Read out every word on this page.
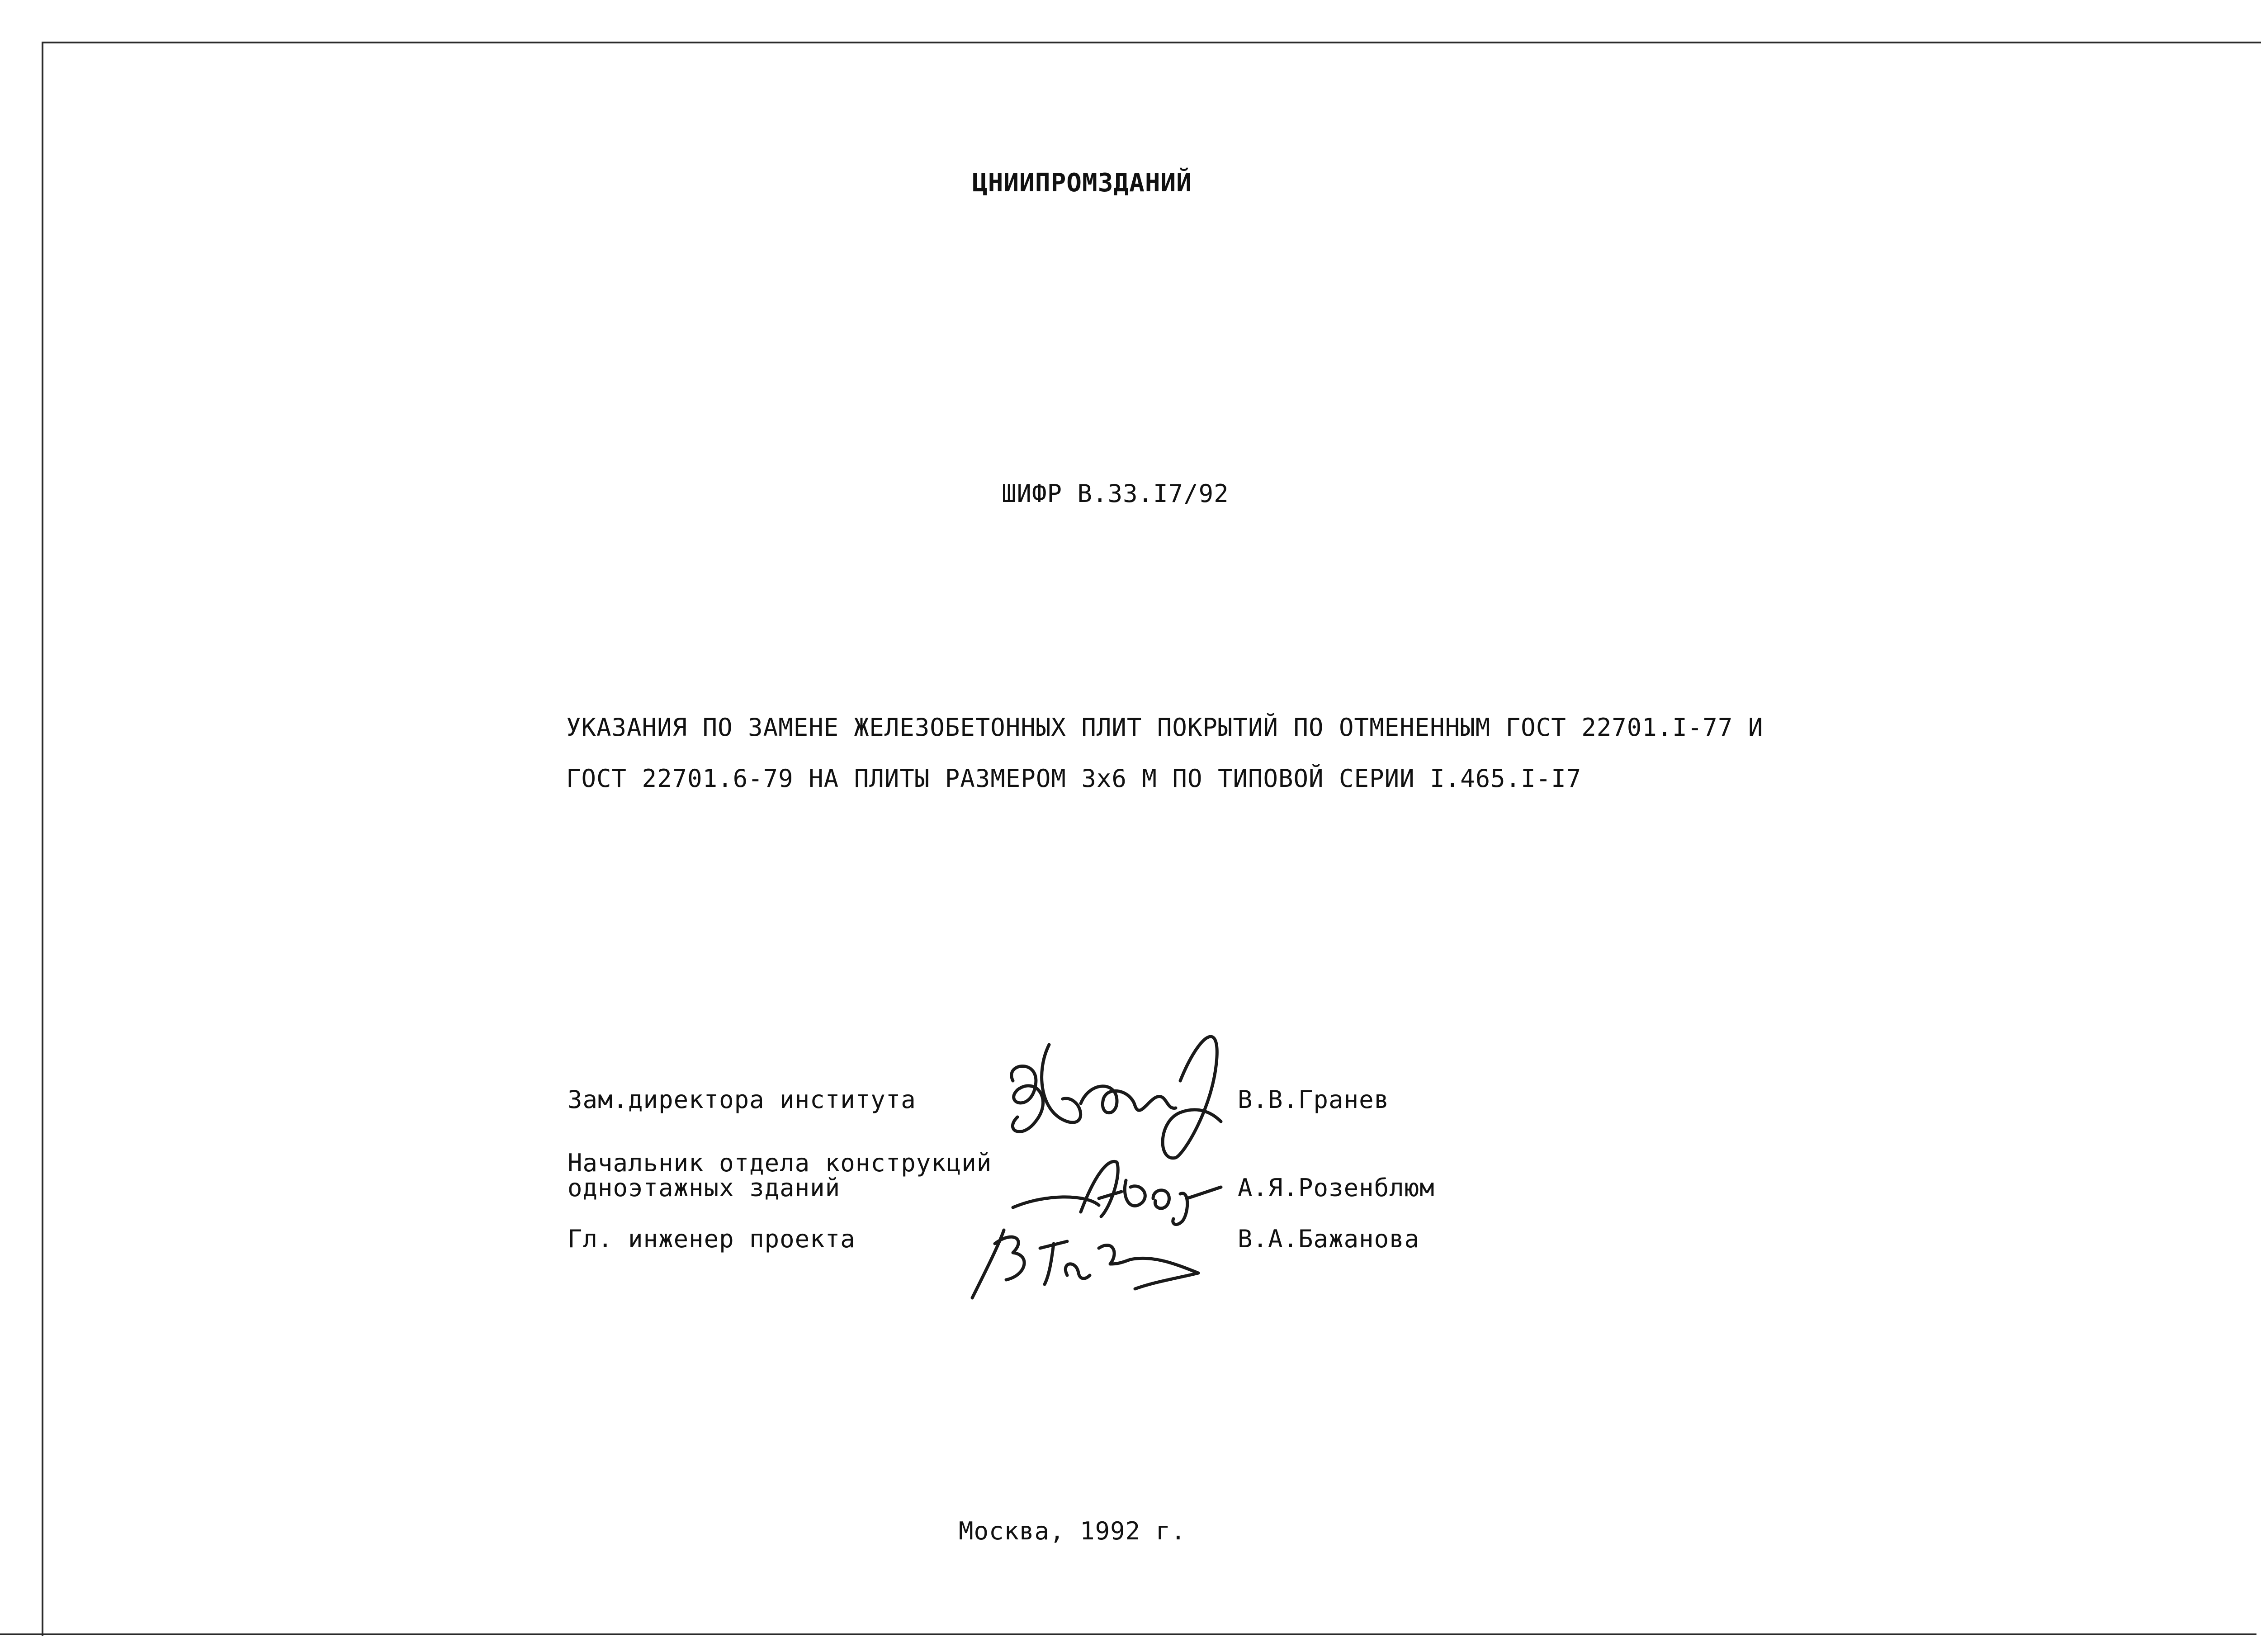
ЦНИИПРОМЗДАНИЙ
ШИФР В.33.I7/92
УКАЗАНИЯ ПО ЗАМЕНЕ ЖЕЛЕЗОБЕТОННЫХ ПЛИТ ПОКРЫТИЙ ПО ОТМЕНЕННЫМ ГОСТ 22701.I-77 И
ГОСТ 22701.6-79 НА ПЛИТЫ РАЗМЕРОМ 3х6 М ПО ТИПОВОЙ СЕРИИ I.465.I-I7
Зам.директора института	В.В.Гранев
Начальник отдела конструкций
одноэтажных зданий	А.Я.Розенблюм
Гл. инженер проекта	В.А.Бажанова
Москва, 1992 г.
